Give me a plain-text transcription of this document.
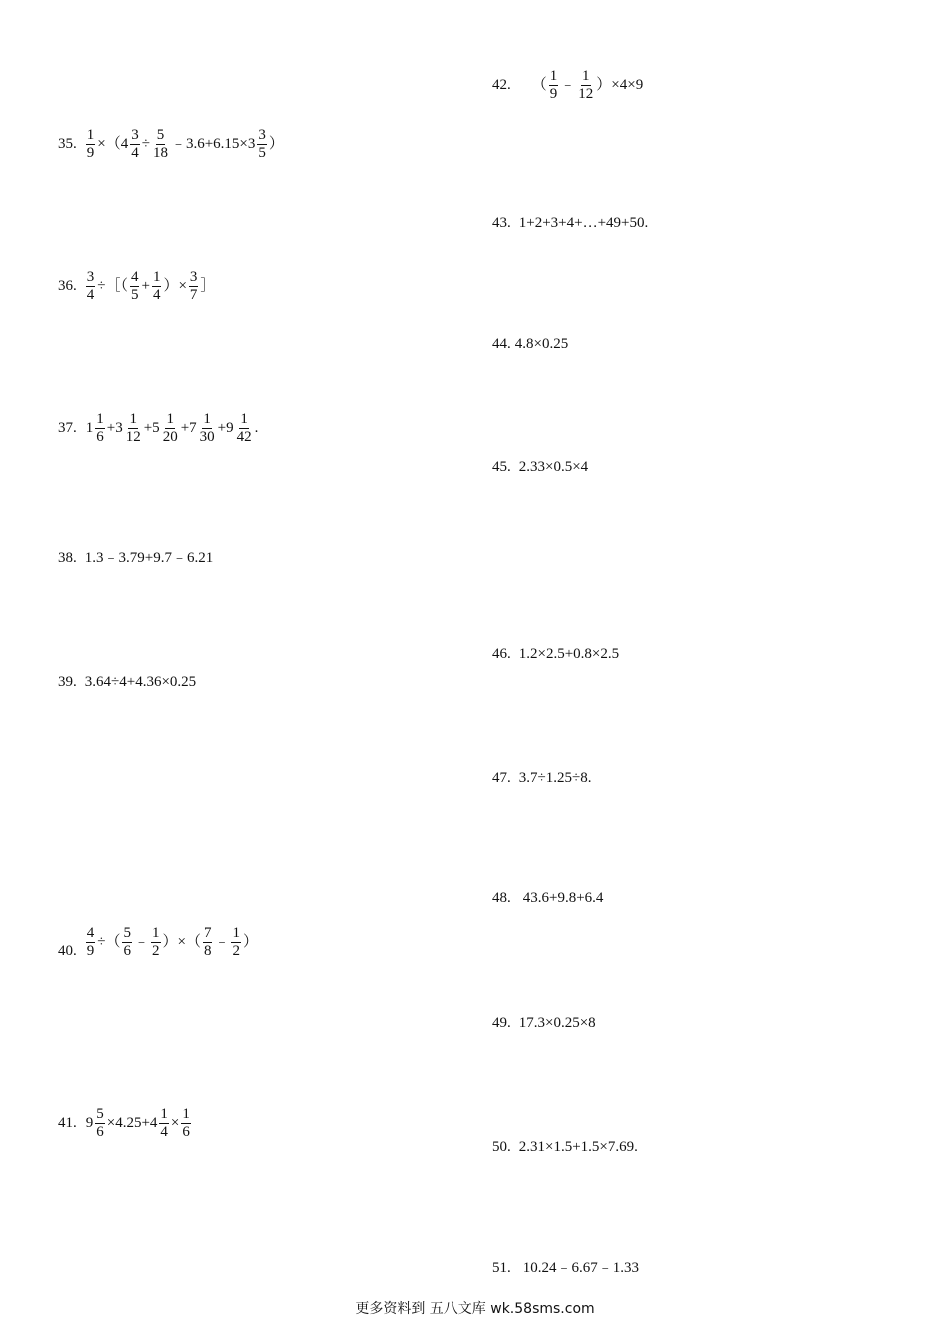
35. $\frac{1}{9} \times(4 \frac{3}{4} \div \frac{5}{18}$ ﹣3.6+6.15×3 $\frac{3}{5}$ ）
36. $\frac{3}{4}$ ÷［（ $\frac{4}{5} + \frac{1}{4}$ ）× $\frac{3}{7}$ ］
37. $1 \frac{1}{6} +3 \frac{1}{12} +5 \frac{1}{20} +7 \frac{1}{30} +9 \frac{1}{42}$ .
38. 1.3﹣3.79+9.7﹣6.21
39. 3.64÷4+4.36×0.25
40. $\frac{4}{9}$ ÷（ $\frac{5}{6}$ ﹣ $\frac{1}{2}$ ）×（ $\frac{7}{8}$ ﹣ $\frac{1}{2}$ ）
41. $9 \frac{5}{6} \times 4.25+4 \frac{1}{4} \times \frac{1}{6}$
42. （ $\frac{1}{9}$ ﹣ $\frac{1}{12} )\times 4\times 9$
43. 1+2+3+4+…+49+50.
44. 4.8×0.25
45. 2.33×0.5×4
46. 1.2×2.5+0.8×2.5
47. 3.7÷1.25÷8.
48. 43.6+9.8+6.4
49. 17.3×0.25×8
50. 2.31×1.5+1.5×7.69.
51. 10.24﹣6.67﹣1.33
更多资料到 五八文库 wk.58sms.com
